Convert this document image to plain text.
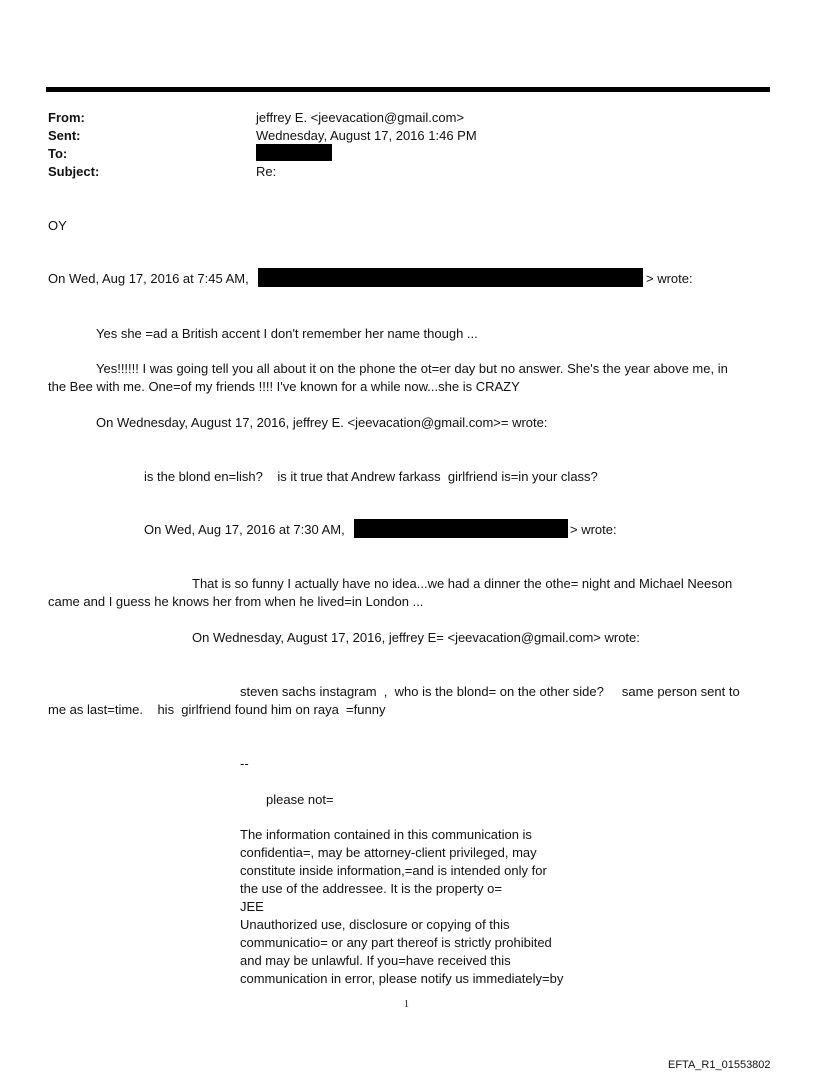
From:	jeffrey E. <jeevacation@gmail.com>
Sent:	Wednesday, August 17, 2016 1:46 PM
To:
Subject:	Re:
OY
On Wed, Aug 17, 2016 at 7:45 AM,	> wrote:
Yes she =ad a British accent I don't remember her name though ...
Yes!!!!!! I was going tell you all about it on the phone the ot=er day but no answer. She's the year above me, in
the Bee with me. One=of my friends !!!! I've known for a while now...she is CRAZY
On Wednesday, August 17, 2016, jeffrey E. <jeevacation@gmail.com>= wrote:
is the blond en=lish?    is it true that Andrew farkass  girlfriend is=in your class?
On Wed, Aug 17, 2016 at 7:30 AM,	> wrote:
That is so funny I actually have no idea...we had a dinner the othe= night and Michael Neeson
came and I guess he knows her from when he lived=in London ...
On Wednesday, August 17, 2016, jeffrey E= <jeevacation@gmail.com> wrote:
steven sachs instagram  ,  who is the blond= on the other side?     same person sent to
me as last=time.    his  girlfriend found him on raya  =funny
--
please not=
The information contained in this communication is
confidentia=, may be attorney-client privileged, may
constitute inside information,=and is intended only for
the use of the addressee. It is the property o=
JEE
Unauthorized use, disclosure or copying of this
communicatio= or any part thereof is strictly prohibited
and may be unlawful. If you=have received this
communication in error, please notify us immediately=by
1
EFTA_R1_01553802
